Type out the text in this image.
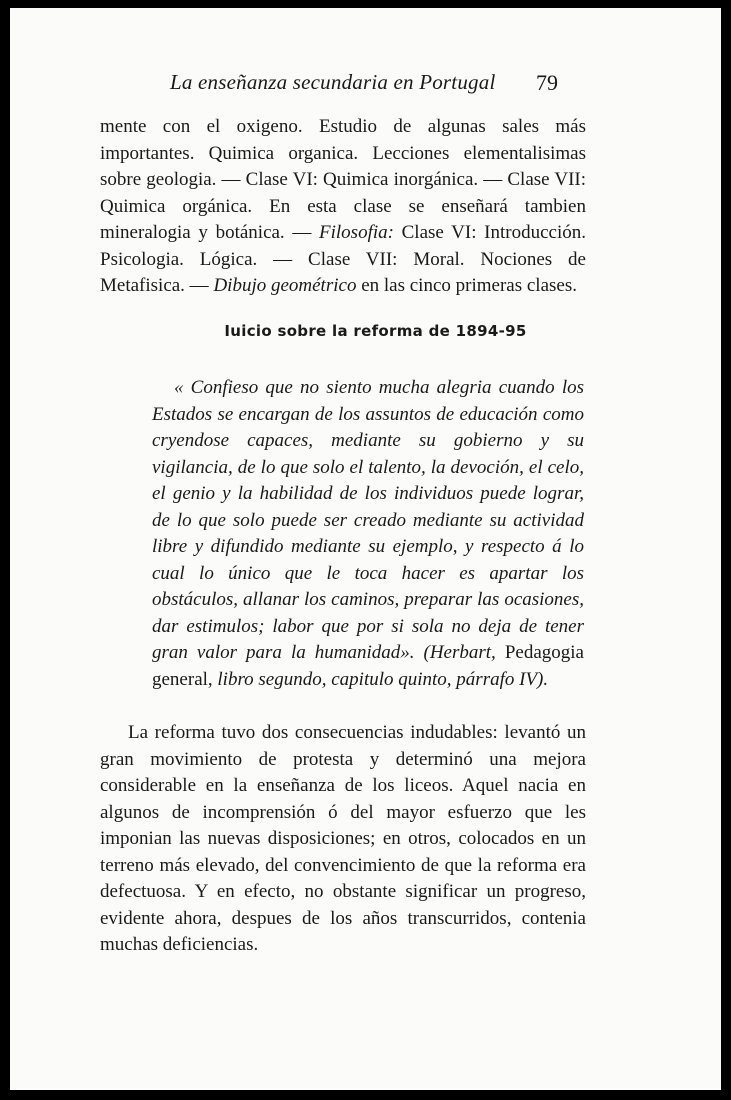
La enseñanza secundaria en Portugal 79

mente con el oxigeno. Estudio de algunas sales más importantes. Quimica organica. Lecciones elementalisimas sobre geologia. — Clase VI: Quimica inorgánica. — Clase VII: Quimica orgánica. En esta clase se enseñará tambien mineralogia y botánica. — Filosofia: Clase VI: Introducción. Psicologia. Lógica. — Clase VII: Moral. Nociones de Metafisica. — Dibujo geométrico en las cinco primeras clases.

Iuicio sobre la reforma de 1894-95

« Confieso que no siento mucha alegria cuando los Estados se encargan de los assuntos de educación como cryendose capaces, mediante su gobierno y su vigilancia, de lo que solo el talento, la devoción, el celo, el genio y la habilidad de los individuos puede lograr, de lo que solo puede ser creado mediante su actividad libre y difundido mediante su ejemplo, y respecto á lo cual lo único que le toca hacer es apartar los obstáculos, allanar los caminos, preparar las ocasiones, dar estimulos; labor que por si sola no deja de tener gran valor para la humanidad». (Herbart, Pedagogia general, libro segundo, capitulo quinto, párrafo IV).

La reforma tuvo dos consecuencias indudables: levantó un gran movimiento de protesta y determinó una mejora considerable en la enseñanza de los liceos. Aquel nacia en algunos de incomprensión ó del mayor esfuerzo que les imponian las nuevas disposiciones; en otros, colocados en un terreno más elevado, del convencimiento de que la reforma era defectuosa. Y en efecto, no obstante significar un progreso, evidente ahora, despues de los años transcurridos, contenia muchas deficiencias.
